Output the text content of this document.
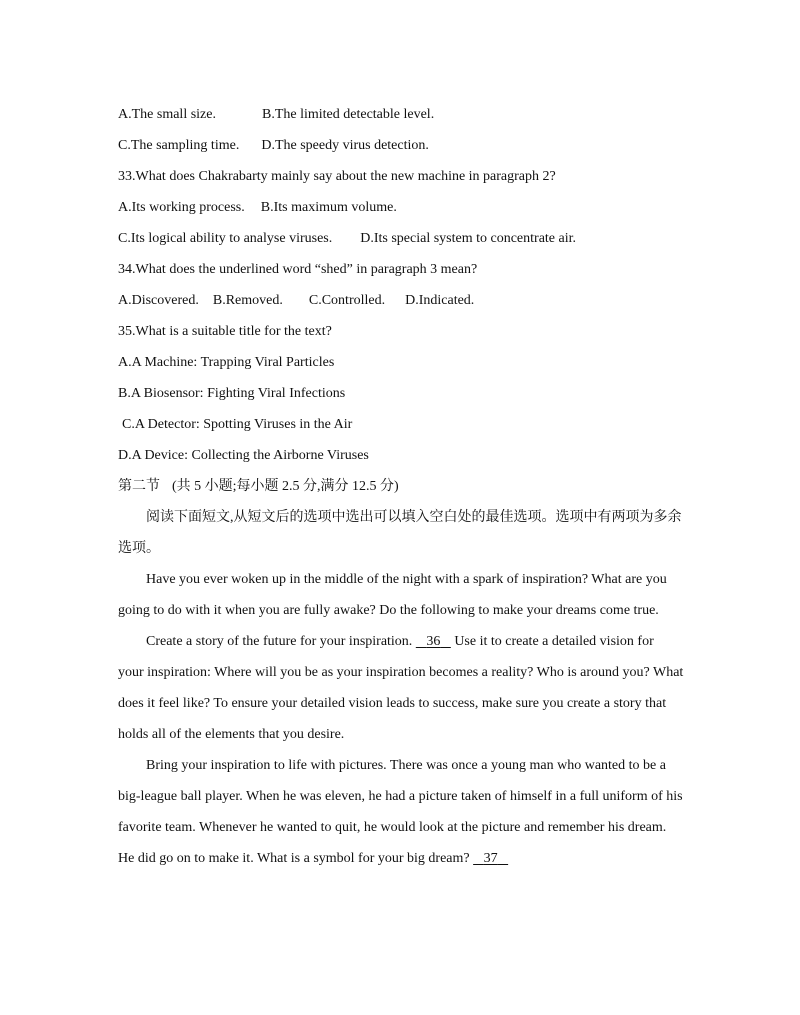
A.The small size.	B.The limited detectable level.
C.The sampling time. D.The speedy virus detection.
33.What does Chakrabarty mainly say about the new machine in paragraph 2?
A.Its working process. B.Its maximum volume.
C.Its logical ability to analyse viruses. D.Its special system to concentrate air.
34.What does the underlined word “shed” in paragraph 3 mean?
A.Discovered. B.Removed. C.Controlled. D.Indicated.
35.What is a suitable title for the text?
A.A Machine: Trapping Viral Particles
B.A Biosensor: Fighting Viral Infections
C.A Detector: Spotting Viruses in the Air
D.A Device: Collecting the Airborne Viruses
第二节 (共 5 小题;每小题 2.5 分,满分 12.5 分)
阅读下面短文,从短文后的选项中选出可以填入空白处的最佳选项。选项中有两项为多余
选项。
Have you ever woken up in the middle of the night with a spark of inspiration? What are you
going to do with it when you are fully awake? Do the following to make your dreams come true.
Create a story of the future for your inspiration. 36 Use it to create a detailed vision for
your inspiration: Where will you be as your inspiration becomes a reality? Who is around you? What
does it feel like? To ensure your detailed vision leads to success, make sure you create a story that
holds all of the elements that you desire.
Bring your inspiration to life with pictures. There was once a young man who wanted to be a
big-league ball player. When he was eleven, he had a picture taken of himself in a full uniform of his
favorite team. Whenever he wanted to quit, he would look at the picture and remember his dream.
He did go on to make it. What is a symbol for your big dream? 37
